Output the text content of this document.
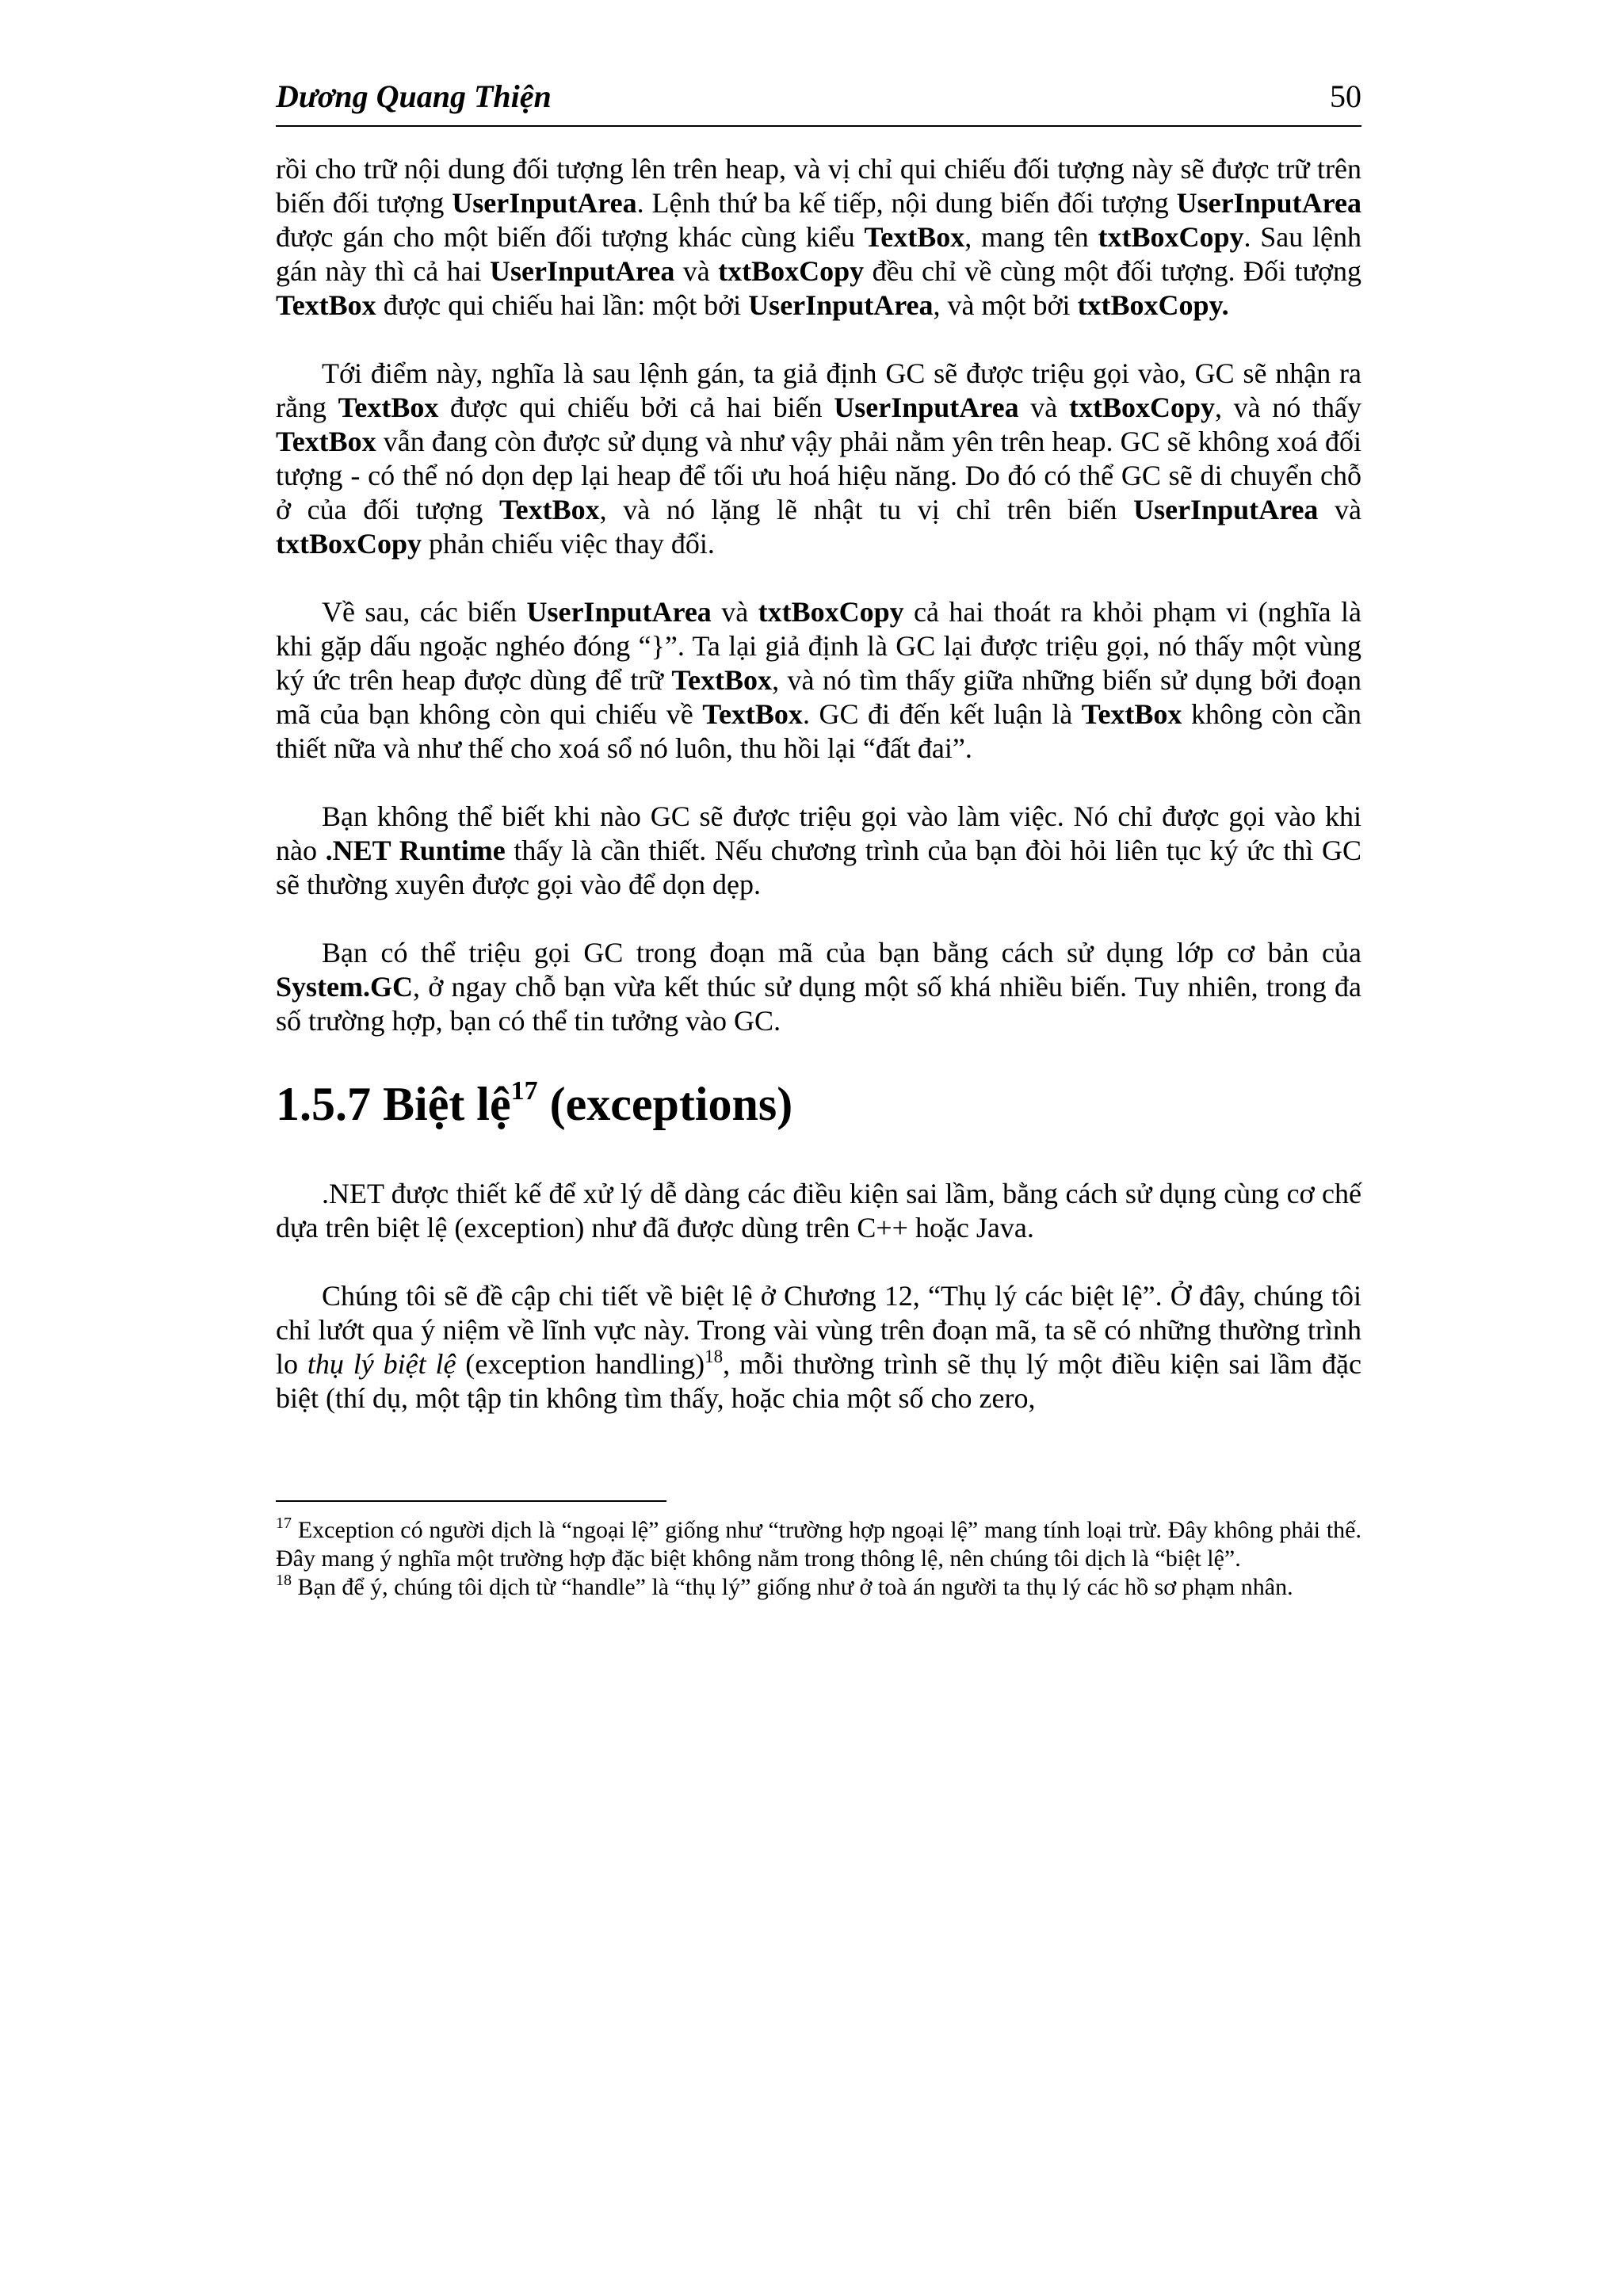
Dương Quang Thiện	50

rồi cho trữ nội dung đối tượng lên trên heap, và vị chỉ qui chiếu đối tượng này sẽ được trữ trên biến đối tượng UserInputArea. Lệnh thứ ba kế tiếp, nội dung biến đối tượng UserInputArea được gán cho một biến đối tượng khác cùng kiểu TextBox, mang tên txtBoxCopy. Sau lệnh gán này thì cả hai UserInputArea và txtBoxCopy đều chỉ về cùng một đối tượng. Đối tượng TextBox được qui chiếu hai lần: một bởi UserInputArea, và một bởi txtBoxCopy.

Tới điểm này, nghĩa là sau lệnh gán, ta giả định GC sẽ được triệu gọi vào, GC sẽ nhận ra rằng TextBox được qui chiếu bởi cả hai biến UserInputArea và txtBoxCopy, và nó thấy TextBox vẫn đang còn được sử dụng và như vậy phải nằm yên trên heap. GC sẽ không xoá đối tượng - có thể nó dọn dẹp lại heap để tối ưu hoá hiệu năng. Do đó có thể GC sẽ di chuyển chỗ ở của đối tượng TextBox, và nó lặng lẽ nhật tu vị chỉ trên biến UserInputArea và txtBoxCopy phản chiếu việc thay đổi.

Về sau, các biến UserInputArea và txtBoxCopy cả hai thoát ra khỏi phạm vi (nghĩa là khi gặp dấu ngoặc nghéo đóng “}”. Ta lại giả định là GC lại được triệu gọi, nó thấy một vùng ký ức trên heap được dùng để trữ TextBox, và nó tìm thấy giữa những biến sử dụng bởi đoạn mã của bạn không còn qui chiếu về TextBox. GC đi đến kết luận là TextBox không còn cần thiết nữa và như thế cho xoá sổ nó luôn, thu hồi lại “đất đai”.

Bạn không thể biết khi nào GC sẽ được triệu gọi vào làm việc. Nó chỉ được gọi vào khi nào .NET Runtime thấy là cần thiết. Nếu chương trình của bạn đòi hỏi liên tục ký ức thì GC sẽ thường xuyên được gọi vào để dọn dẹp.

Bạn có thể triệu gọi GC trong đoạn mã của bạn bằng cách sử dụng lớp cơ bản của System.GC, ở ngay chỗ bạn vừa kết thúc sử dụng một số khá nhiều biến. Tuy nhiên, trong đa số trường hợp, bạn có thể tin tưởng vào GC.

1.5.7 Biệt lệ$^{17}$ (exceptions)

.NET được thiết kế để xử lý dễ dàng các điều kiện sai lầm, bằng cách sử dụng cùng cơ chế dựa trên biệt lệ (exception) như đã được dùng trên C++ hoặc Java.

Chúng tôi sẽ đề cập chi tiết về biệt lệ ở Chương 12, “Thụ lý các biệt lệ”. Ở đây, chúng tôi chỉ lướt qua ý niệm về lĩnh vực này. Trong vài vùng trên đoạn mã, ta sẽ có những thường trình lo thụ lý biệt lệ (exception handling)$^{18}$, mỗi thường trình sẽ thụ lý một điều kiện sai lầm đặc biệt (thí dụ, một tập tin không tìm thấy, hoặc chia một số cho zero,

$^{17}$ Exception có người dịch là “ngoại lệ” giống như “trường hợp ngoại lệ” mang tính loại trừ. Đây không phải thế. Đây mang ý nghĩa một trường hợp đặc biệt không nằm trong thông lệ, nên chúng tôi dịch là “biệt lệ”.

$^{18}$ Bạn để ý, chúng tôi dịch từ “handle” là “thụ lý” giống như ở toà án người ta thụ lý các hồ sơ phạm nhân.
